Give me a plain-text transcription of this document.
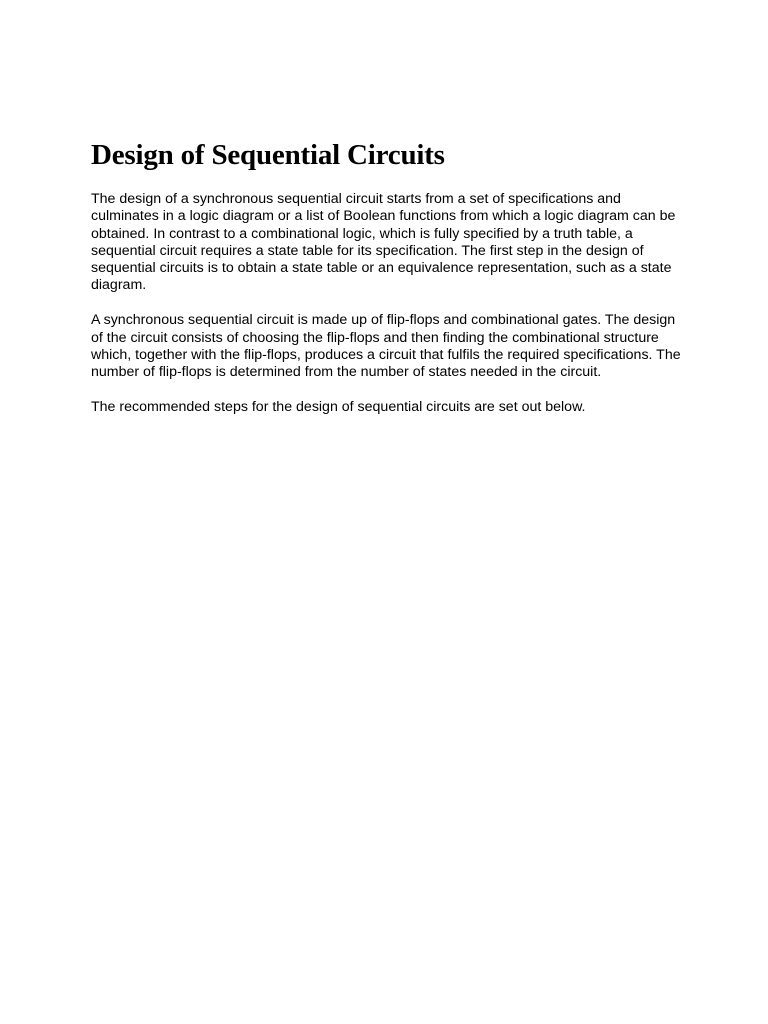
Design of Sequential Circuits

The design of a synchronous sequential circuit starts from a set of specifications and culminates in a logic diagram or a list of Boolean functions from which a logic diagram can be obtained. In contrast to a combinational logic, which is fully specified by a truth table, a sequential circuit requires a state table for its specification. The first step in the design of sequential circuits is to obtain a state table or an equivalence representation, such as a state diagram.

A synchronous sequential circuit is made up of flip-flops and combinational gates. The design of the circuit consists of choosing the flip-flops and then finding the combinational structure which, together with the flip-flops, produces a circuit that fulfils the required specifications. The number of flip-flops is determined from the number of states needed in the circuit.

The recommended steps for the design of sequential circuits are set out below.
